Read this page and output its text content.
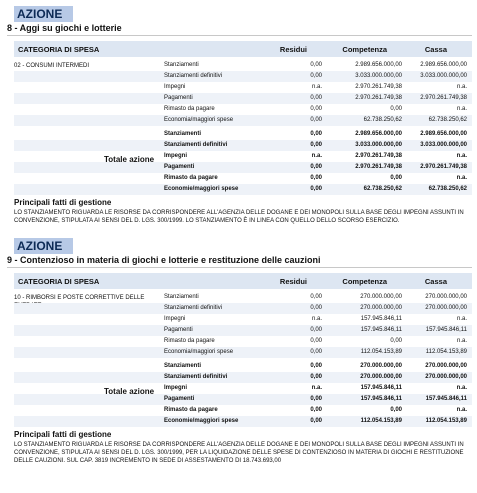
AZIONE
8 - Aggi su giochi e lotterie
CATEGORIA DI SPESA	Residui	Competenza	Cassa
02 - CONSUMI INTERMEDI	Stanziamenti	0,00	2.989.656.000,00	2.989.656.000,00
Stanziamenti definitivi	0,00	3.033.000.000,00	3.033.000.000,00
Impegni	n.a.	2.970.261.749,38	n.a.
Pagamenti	0,00	2.970.261.749,38	2.970.261.749,38
Rimasto da pagare	0,00	0,00	n.a.
Economia/maggiori spese	0,00	62.738.250,62	62.738.250,62
Stanziamenti	0,00	2.989.656.000,00	2.989.656.000,00
Stanziamenti definitivi	0,00	3.033.000.000,00	3.033.000.000,00
Impegni	n.a.	2.970.261.749,38	n.a.
Pagamenti	0,00	2.970.261.749,38	2.970.261.749,38
Rimasto da pagare	0,00	0,00	n.a.
Economie/maggiori spese	0,00	62.738.250,62	62.738.250,62
Totale azione
Principali fatti di gestione
LO STANZIAMENTO RIGUARDA LE RISORSE DA CORRISPONDERE ALL'AGENZIA DELLE DOGANE E DEI MONOPOLI SULLA BASE DEGLI IMPEGNI ASSUNTI IN CONVENZIONE, STIPULATA AI SENSI DEL D. LGS. 300/1999. LO STANZIAMENTO È IN LINEA CON QUELLO DELLO SCORSO ESERCIZIO.
AZIONE
9 - Contenzioso in materia di giochi e lotterie e restituzione delle cauzioni
CATEGORIA DI SPESA	Residui	Competenza	Cassa
10 - RIMBORSI E POSTE CORRETTIVE DELLE	Stanziamenti	0,00	270.000.000,00	270.000.000,00
Stanziamenti definitivi	0,00	270.000.000,00	270.000.000,00
Impegni	n.a.	157.945.846,11	n.a.
Pagamenti	0,00	157.945.846,11	157.945.846,11
Rimasto da pagare	0,00	0,00	n.a.
Economia/maggiori spese	0,00	112.054.153,89	112.054.153,89
Stanziamenti	0,00	270.000.000,00	270.000.000,00
Stanziamenti definitivi	0,00	270.000.000,00	270.000.000,00
Impegni	n.a.	157.945.846,11	n.a.
Pagamenti	0,00	157.945.846,11	157.945.846,11
Rimasto da pagare	0,00	0,00	n.a.
Economie/maggiori spese	0,00	112.054.153,89	112.054.153,89
Totale azione
Principali fatti di gestione
LO STANZIAMENTO RIGUARDA LE RISORSE DA CORRISPONDERE ALL'AGENZIA DELLE DOGANE E DEI MONOPOLI SULLA BASE DEGLI IMPEGNI ASSUNTI IN CONVENZIONE, STIPULATA AI SENSI DEL D. LGS. 300/1999, PER LA LIQUIDAZIONE DELLE SPESE DI CONTENZIOSO IN MATERIA DI GIOCHI E RESTITUZIONE DELLE CAUZIONI. SUL CAP. 3819 INCREMENTO IN SEDE DI ASSESTAMENTO DI 18.743.693,00
